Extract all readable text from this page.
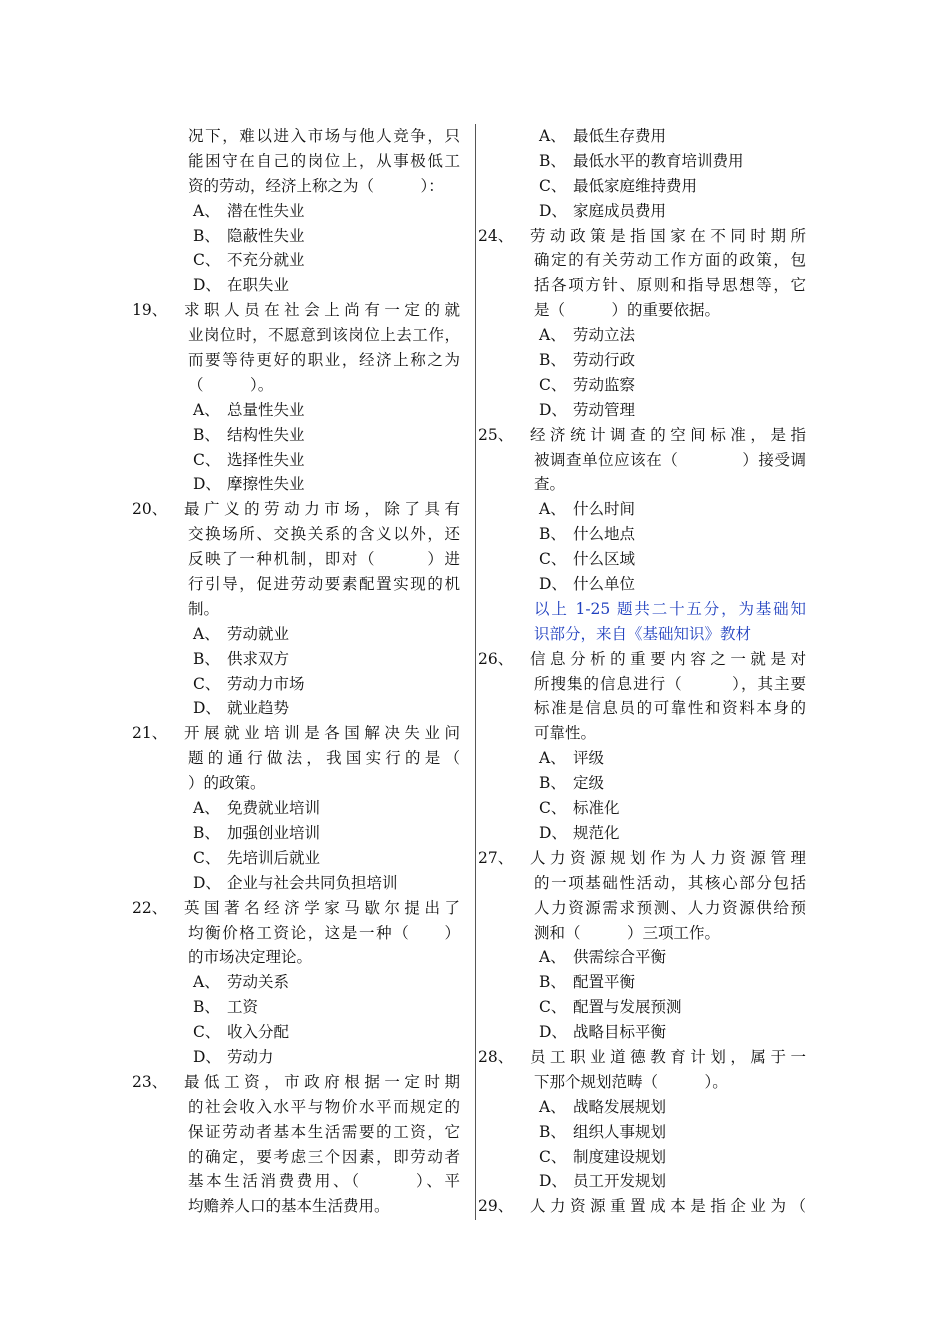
况下，难以进入市场与他人竞争，只
能困守在自己的岗位上，从事极低工
资的劳动，经济上称之为（　　　）：
A、 潜在性失业
B、 隐蔽性失业
C、 不充分就业
D、 在职失业
19、 求职人员在社会上尚有一定的就
业岗位时，不愿意到该岗位上去工作，
而要等待更好的职业，经济上称之为
（　　　）。
A、 总量性失业
B、 结构性失业
C、 选择性失业
D、 摩擦性失业
20、 最广义的劳动力市场，除了具有
交换场所、交换关系的含义以外，还
反映了一种机制，即对（　　　）进
行引导，促进劳动要素配置实现的机
制。
A、 劳动就业
B、 供求双方
C、 劳动力市场
D、 就业趋势
21、 开展就业培训是各国解决失业问
题的通行做法，我国实行的是（
）的政策。
A、 免费就业培训
B、 加强创业培训
C、 先培训后就业
D、 企业与社会共同负担培训
22、 英国著名经济学家马歇尔提出了
均衡价格工资论，这是一种（　　）
的市场决定理论。
A、 劳动关系
B、 工资
C、 收入分配
D、 劳动力
23、 最低工资，市政府根据一定时期
的社会收入水平与物价水平而规定的
保证劳动者基本生活需要的工资，它
的确定，要考虑三个因素，即劳动者
基本生活消费费用、（　　　）、平
均赡养人口的基本生活费用。
A、 最低生存费用
B、 最低水平的教育培训费用
C、 最低家庭维持费用
D、 家庭成员费用
24、 劳动政策是指国家在不同时期所
确定的有关劳动工作方面的政策，包
括各项方针、原则和指导思想等，它
是（　　　）的重要依据。
A、 劳动立法
B、 劳动行政
C、 劳动监察
D、 劳动管理
25、 经济统计调查的空间标准，是指
被调查单位应该在（　　　　）接受调
查。
A、 什么时间
B、 什么地点
C、 什么区域
D、 什么单位
以上 1-25 题共二十五分，为基础知
识部分，来自《基础知识》教材
26、 信息分析的重要内容之一就是对
所搜集的信息进行（　　　），其主要
标准是信息员的可靠性和资料本身的
可靠性。
A、 评级
B、 定级
C、 标准化
D、 规范化
27、 人力资源规划作为人力资源管理
的一项基础性活动，其核心部分包括
人力资源需求预测、人力资源供给预
测和（　　　）三项工作。
A、 供需综合平衡
B、 配置平衡
C、 配置与发展预测
D、 战略目标平衡
28、 员工职业道德教育计划，属于一
下那个规划范畴（　　　）。
A、 战略发展规划
B、 组织人事规划
C、 制度建设规划
D、 员工开发规划
29、 人力资源重置成本是指企业为（
